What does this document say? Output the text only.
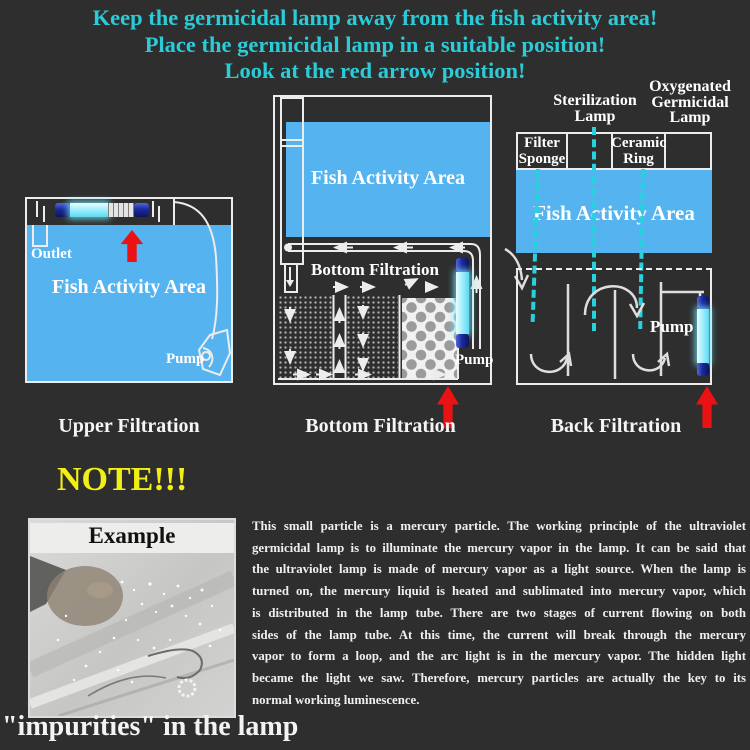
Keep the germicidal lamp away from the fish activity area!
Place the germicidal lamp in a suitable position!
Look at the red arrow position!
Outlet
Fish Activity Area
Pump
Upper Filtration
Fish Activity Area
Bottom Filtration
Pump
Bottom Filtration
Sterilization Lamp
Oxygenated Germicidal Lamp
Filter Sponge
Ceramic Ring
Fish Activity Area
Pump
Back Filtration
NOTE!!!
Example	This small particle is a mercury particle. The working principle of the ultraviolet
germicidal lamp is to illuminate the mercury vapor in the lamp. It can be said that
the ultraviolet lamp is made of mercury vapor as a light source. When the lamp is
turned on, the mercury liquid is heated and sublimated into mercury vapor, which
is distributed in the lamp tube. There are two stages of current flowing on both
sides of the lamp tube. At this time, the current will break through the mercury
vapor to form a loop, and the arc light is in the mercury vapor. The hidden light
became the light we saw. Therefore, mercury particles are actually the key to its
normal working luminescence.
"impurities" in the lamp
